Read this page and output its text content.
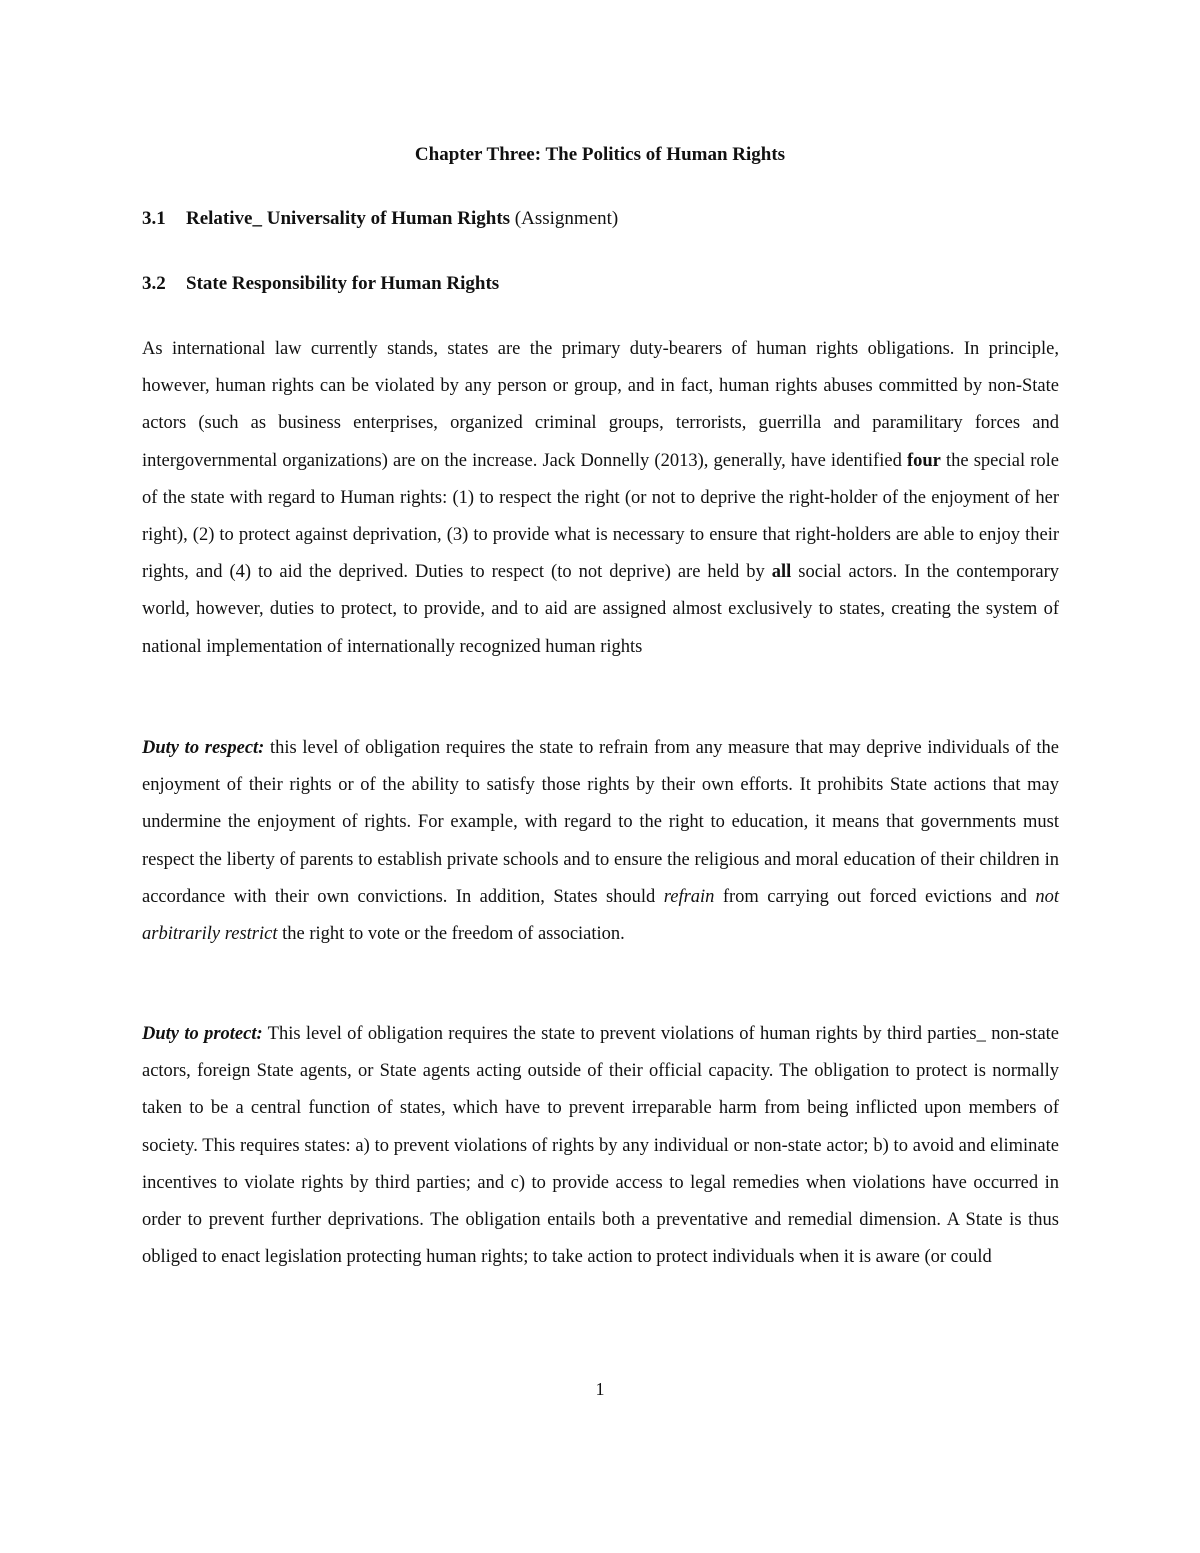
Chapter Three: The Politics of Human Rights
3.1 Relative_ Universality of Human Rights (Assignment)
3.2 State Responsibility for Human Rights

As international law currently stands, states are the primary duty-bearers of human rights obligations. In principle, however, human rights can be violated by any person or group, and in fact, human rights abuses committed by non-State actors (such as business enterprises, organized criminal groups, terrorists, guerrilla and paramilitary forces and intergovernmental organizations) are on the increase. Jack Donnelly (2013), generally, have identified four the special role of the state with regard to Human rights: (1) to respect the right (or not to deprive the right-holder of the enjoyment of her right), (2) to protect against deprivation, (3) to provide what is necessary to ensure that right-holders are able to enjoy their rights, and (4) to aid the deprived. Duties to respect (to not deprive) are held by all social actors. In the contemporary world, however, duties to protect, to provide, and to aid are assigned almost exclusively to states, creating the system of national implementation of internationally recognized human rights

Duty to respect: this level of obligation requires the state to refrain from any measure that may deprive individuals of the enjoyment of their rights or of the ability to satisfy those rights by their own efforts. It prohibits State actions that may undermine the enjoyment of rights. For example, with regard to the right to education, it means that governments must respect the liberty of parents to establish private schools and to ensure the religious and moral education of their children in accordance with their own convictions. In addition, States should refrain from carrying out forced evictions and not arbitrarily restrict the right to vote or the freedom of association.

Duty to protect: This level of obligation requires the state to prevent violations of human rights by third parties_ non-state actors, foreign State agents, or State agents acting outside of their official capacity. The obligation to protect is normally taken to be a central function of states, which have to prevent irreparable harm from being inflicted upon members of society. This requires states: a) to prevent violations of rights by any individual or non-state actor; b) to avoid and eliminate incentives to violate rights by third parties; and c) to provide access to legal remedies when violations have occurred in order to prevent further deprivations. The obligation entails both a preventative and remedial dimension. A State is thus obliged to enact legislation protecting human rights; to take action to protect individuals when it is aware (or could

1
